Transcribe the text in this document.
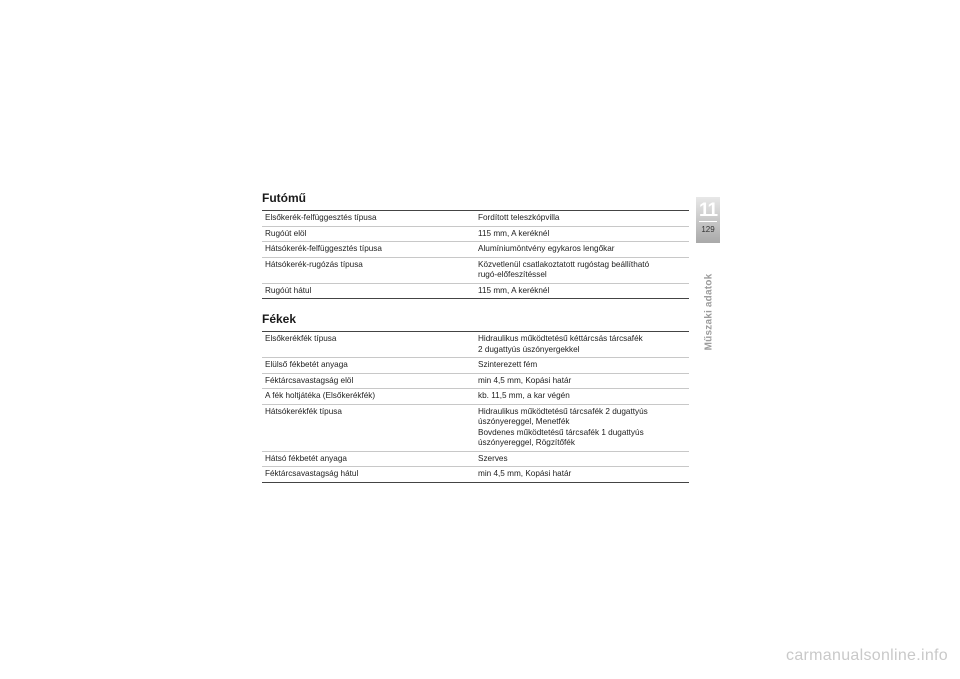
Futómű
Elsőkerék-felfüggesztés típusa	Fordított teleszkópvilla
Rugóút elöl	115 mm, A keréknél
Hátsókerék-felfüggesztés típusa	Alumíniumöntvény egykaros lengőkar
Hátsókerék-rugózás típusa	Közvetlenül csatlakoztatott rugóstag beállítható
rugó-előfeszítéssel
Rugóút hátul	115 mm, A keréknél
Fékek
Elsőkerékfék típusa	Hidraulikus működtetésű kéttárcsás tárcsafék
2 dugattyús úszónyergekkel
Elülső fékbetét anyaga	Szinterezett fém
Féktárcsavastagság elöl	min 4,5 mm, Kopási határ
A fék holtjátéka (Elsőkerékfék)	kb. 11,5 mm, a kar végén
Hátsókerékfék típusa	Hidraulikus működtetésű tárcsafék 2 dugattyús
úszónyereggel, Menetfék
Bovdenes működtetésű tárcsafék 1 dugattyús
úszónyereggel, Rögzítőfék
Hátsó fékbetét anyaga	Szerves
Féktárcsavastagság hátul	min 4,5 mm, Kopási határ
11
129
Műszaki adatok
carmanualsonline.info
